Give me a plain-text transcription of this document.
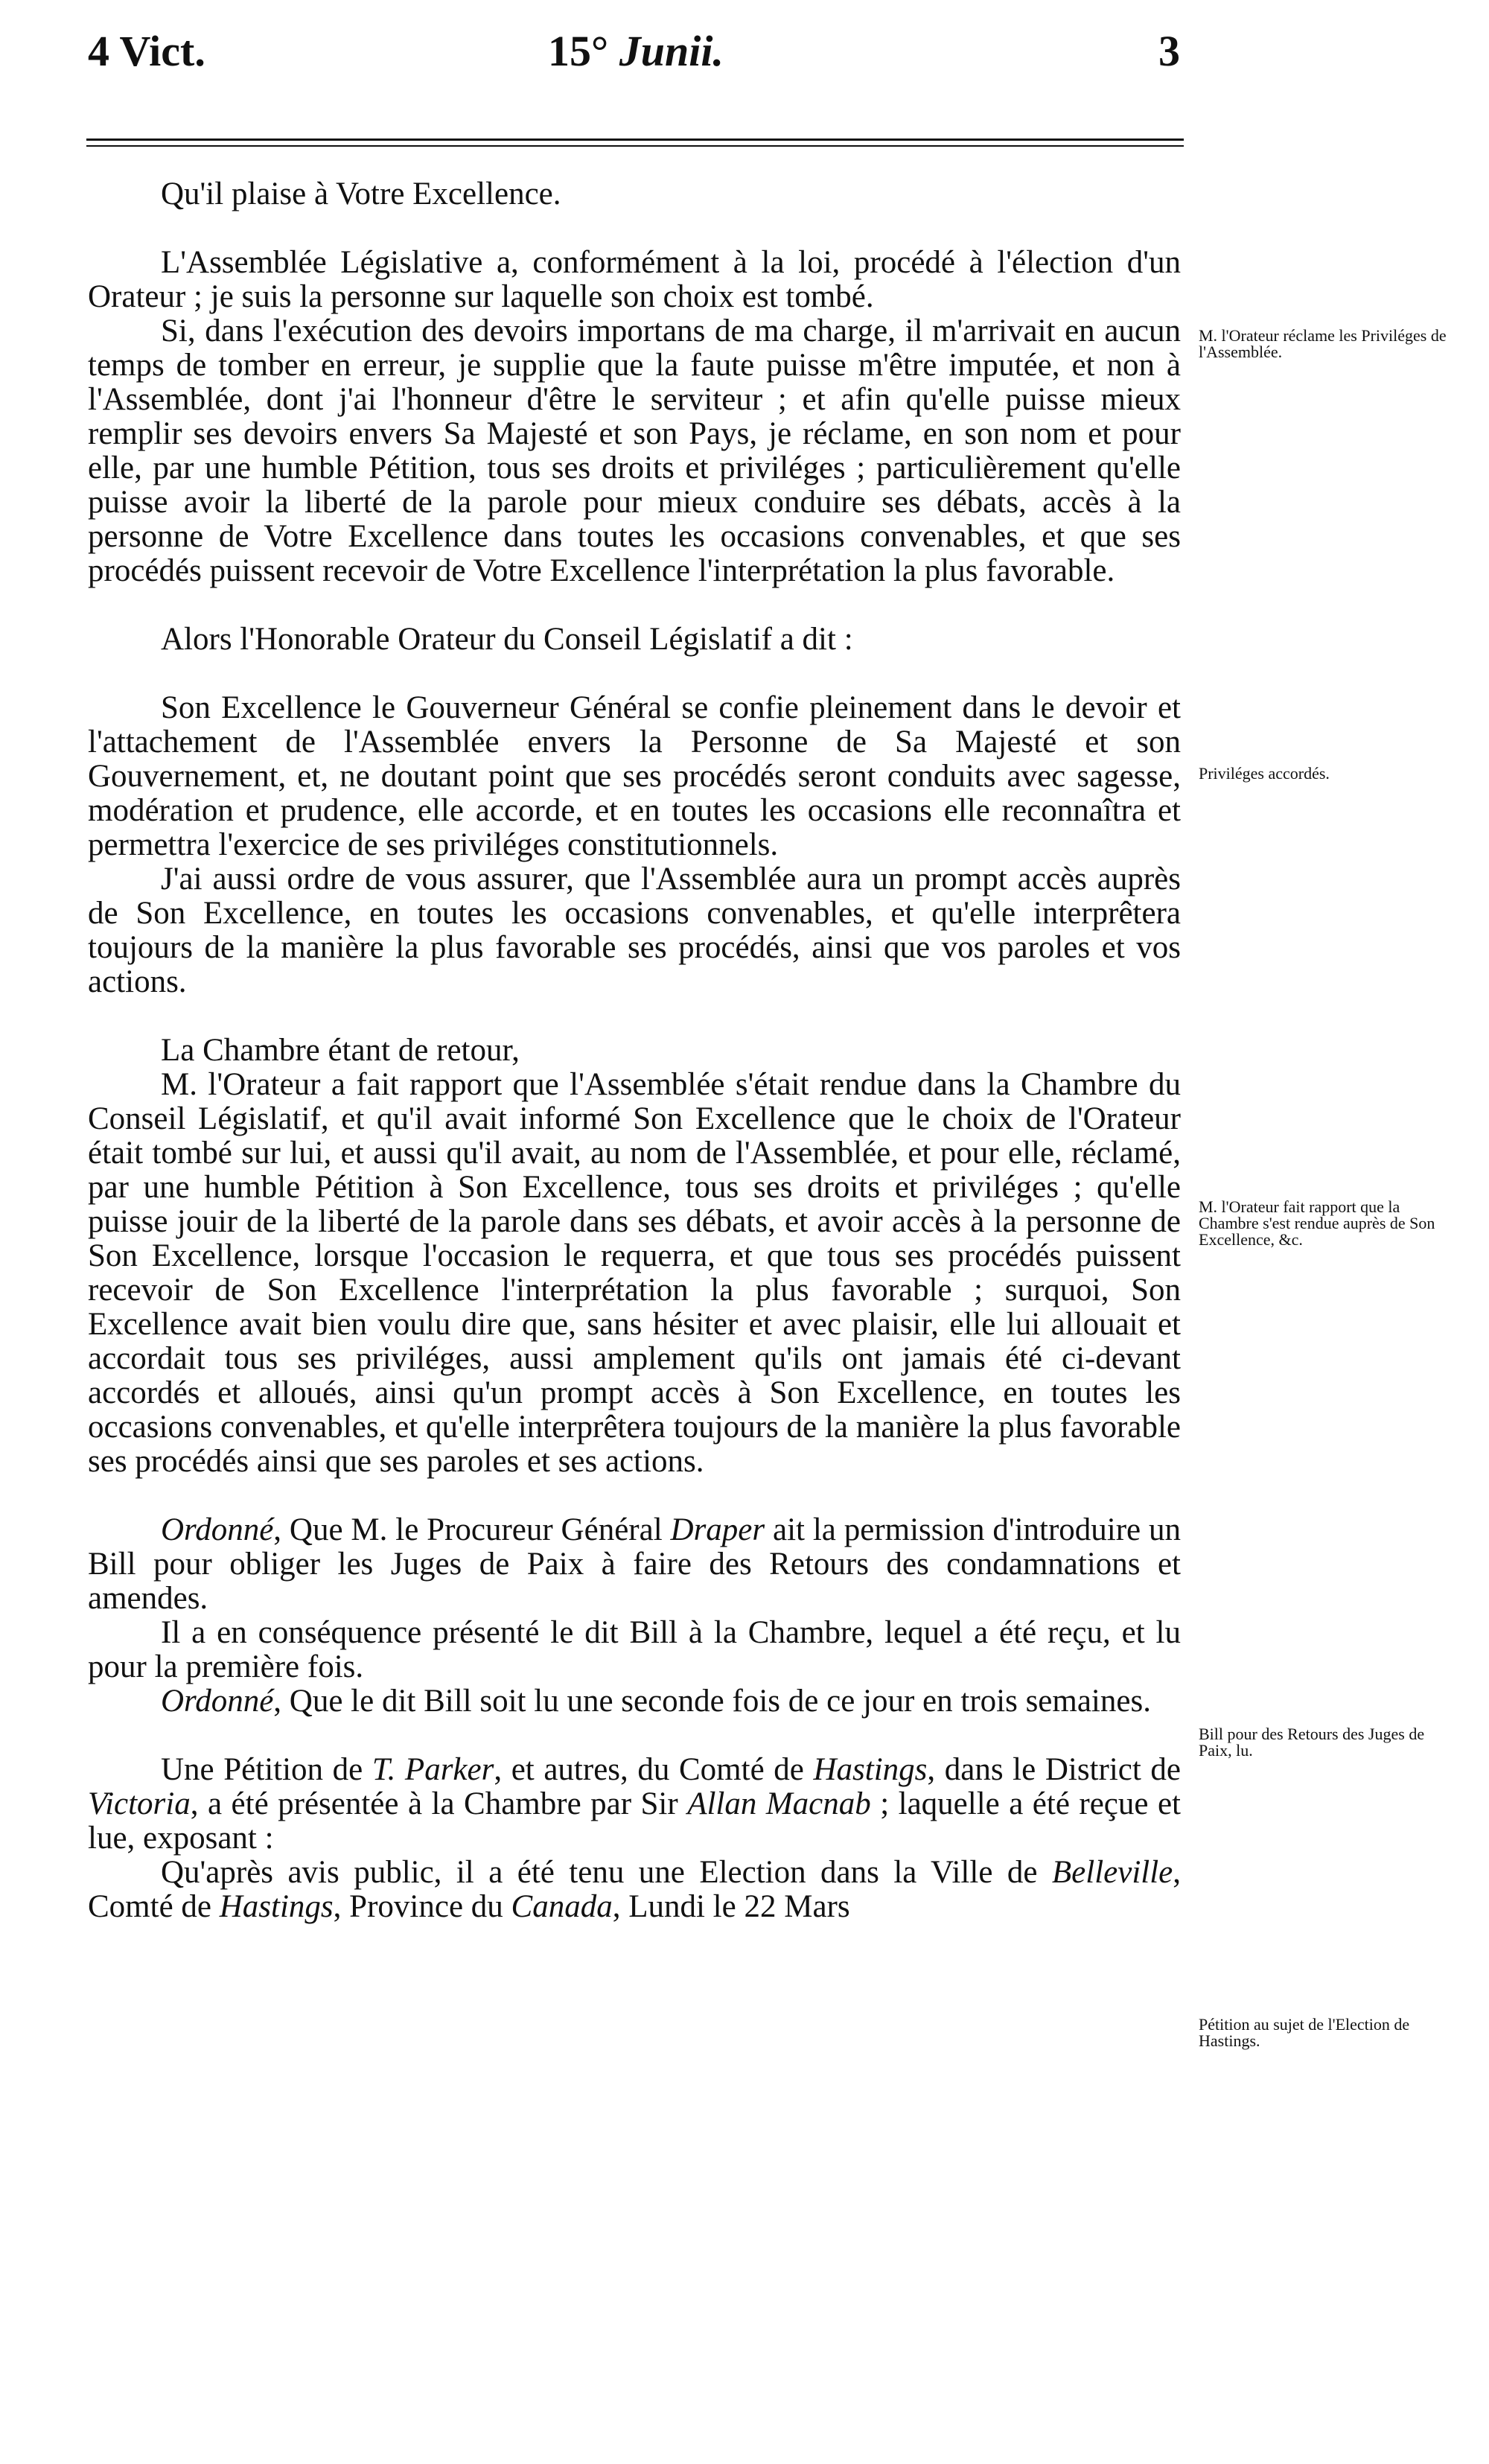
4 Vict.	15° Junii.	3

Qu'il plaise à Votre Excellence.

L'Assemblée Législative a, conformément à la loi, procédé à l'élection d'un Orateur ; je suis la personne sur laquelle son choix est tombé.

Si, dans l'exécution des devoirs importans de ma charge, il m'arrivait en aucun temps de tomber en erreur, je supplie que la faute puisse m'être imputée, et non à l'Assemblée, dont j'ai l'honneur d'être le serviteur ; et afin qu'elle puisse mieux remplir ses devoirs envers Sa Majesté et son Pays, je réclame, en son nom et pour elle, par une humble Pétition, tous ses droits et priviléges ; particulièrement qu'elle puisse avoir la liberté de la parole pour mieux conduire ses débats, accès à la personne de Votre Excellence dans toutes les occasions convenables, et que ses procédés puissent recevoir de Votre Excellence l'interprétation la plus favorable.

Alors l'Honorable Orateur du Conseil Législatif a dit :

Son Excellence le Gouverneur Général se confie pleinement dans le devoir et l'attachement de l'Assemblée envers la Personne de Sa Majesté et son Gouvernement, et, ne doutant point que ses procédés seront conduits avec sagesse, modération et prudence, elle accorde, et en toutes les occasions elle reconnaîtra et permettra l'exercice de ses priviléges constitutionnels.

J'ai aussi ordre de vous assurer, que l'Assemblée aura un prompt accès auprès de Son Excellence, en toutes les occasions convenables, et qu'elle interprêtera toujours de la manière la plus favorable ses procédés, ainsi que vos paroles et vos actions.

La Chambre étant de retour,

M. l'Orateur a fait rapport que l'Assemblée s'était rendue dans la Chambre du Conseil Législatif, et qu'il avait informé Son Excellence que le choix de l'Orateur était tombé sur lui, et aussi qu'il avait, au nom de l'Assemblée, et pour elle, réclamé, par une humble Pétition à Son Excellence, tous ses droits et priviléges ; qu'elle puisse jouir de la liberté de la parole dans ses débats, et avoir accès à la personne de Son Excellence, lorsque l'occasion le requerra, et que tous ses procédés puissent recevoir de Son Excellence l'interprétation la plus favorable ; surquoi, Son Excellence avait bien voulu dire que, sans hésiter et avec plaisir, elle lui allouait et accordait tous ses priviléges, aussi amplement qu'ils ont jamais été ci-devant accordés et alloués, ainsi qu'un prompt accès à Son Excellence, en toutes les occasions convenables, et qu'elle interprêtera toujours de la manière la plus favorable ses procédés ainsi que ses paroles et ses actions.

Ordonné, Que M. le Procureur Général Draper ait la permission d'introduire un Bill pour obliger les Juges de Paix à faire des Retours des condamnations et amendes.

Il a en conséquence présenté le dit Bill à la Chambre, lequel a été reçu, et lu pour la première fois.

Ordonné, Que le dit Bill soit lu une seconde fois de ce jour en trois semaines.

Une Pétition de T. Parker, et autres, du Comté de Hastings, dans le District de Victoria, a été présentée à la Chambre par Sir Allan Macnab ; laquelle a été reçue et lue, exposant :

Qu'après avis public, il a été tenu une Election dans la Ville de Belleville, Comté de Hastings, Province du Canada, Lundi le 22 Mars

M. l'Orateur réclame les Priviléges de l'Assemblée.
Priviléges accordés.
M. l'Orateur fait rapport que la Chambre s'est rendue auprès de Son Excellence, &c.
Bill pour des Retours des Juges de Paix, lu.
Pétition au sujet de l'Election de Hastings.
